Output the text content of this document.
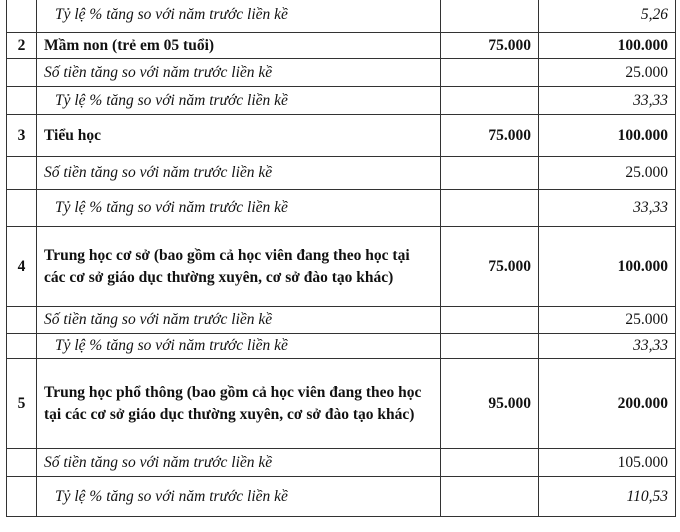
	Tỷ lệ % tăng so với năm trước liền kề		5,26
2	Mầm non (trẻ em 05 tuổi)	75.000	100.000
	Số tiền tăng so với năm trước liền kề		25.000
	Tỷ lệ % tăng so với năm trước liền kề		33,33
3	Tiểu học	75.000	100.000
	Số tiền tăng so với năm trước liền kề		25.000
	Tỷ lệ % tăng so với năm trước liền kề		33,33
4	Trung học cơ sở (bao gồm cả học viên đang theo học tại các cơ sở giáo dục thường xuyên, cơ sở đào tạo khác)	75.000	100.000
	Số tiền tăng so với năm trước liền kề		25.000
	Tỷ lệ % tăng so với năm trước liền kề		33,33
5	Trung học phổ thông (bao gồm cả học viên đang theo học tại các cơ sở giáo dục thường xuyên, cơ sở đào tạo khác)	95.000	200.000
	Số tiền tăng so với năm trước liền kề		105.000
	Tỷ lệ % tăng so với năm trước liền kề		110,53
